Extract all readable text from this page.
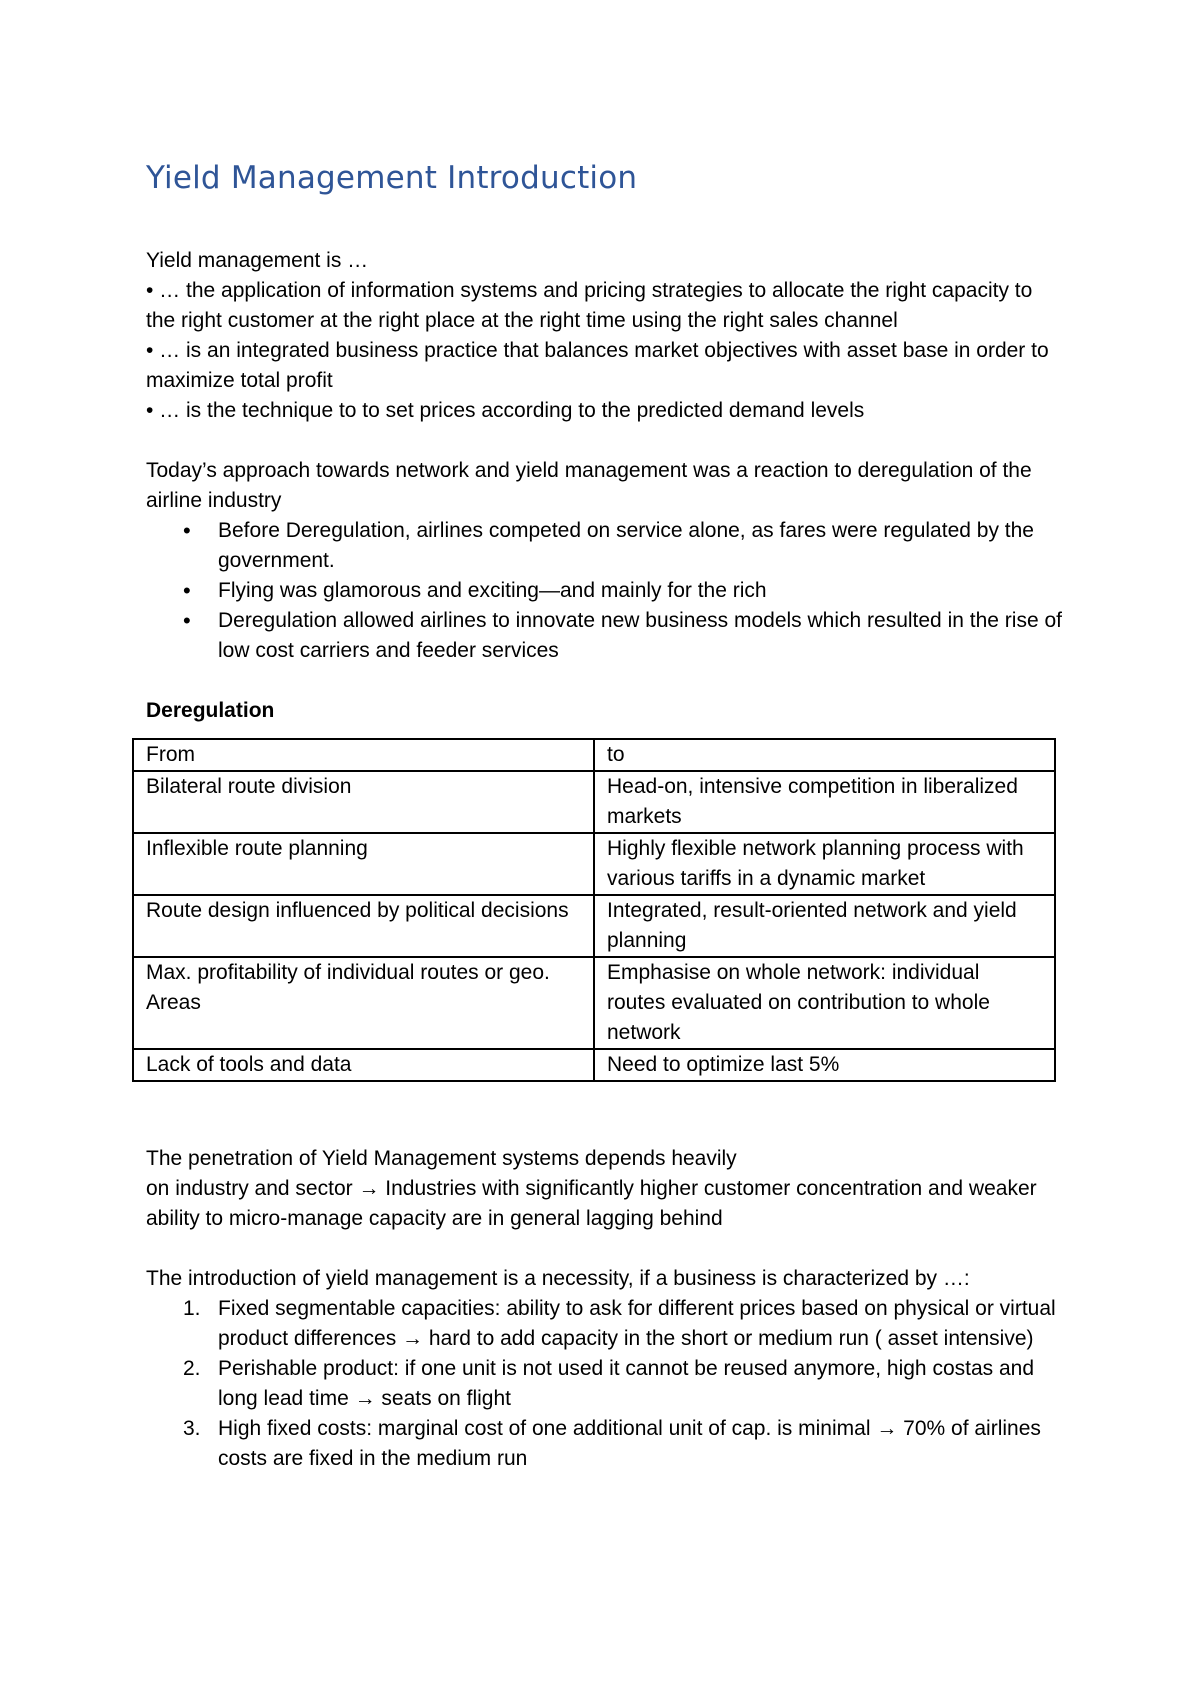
Yield Management Introduction

Yield management is …

• … the application of information systems and pricing strategies to allocate the right capacity to the right customer at the right place at the right time using the right sales channel

• … is an integrated business practice that balances market objectives with asset base in order to maximize total profit

• … is the technique to to set prices according to the predicted demand levels

Today’s approach towards network and yield management was a reaction to deregulation of the airline industry

• Before Deregulation, airlines competed on service alone, as fares were regulated by the government.
• Flying was glamorous and exciting—and mainly for the rich
• Deregulation allowed airlines to innovate new business models which resulted in the rise of low cost carriers and feeder services

Deregulation

From	to
Bilateral route division	Head-on, intensive competition in liberalized markets
Inflexible route planning	Highly flexible network planning process with various tariffs in a dynamic market
Route design influenced by political decisions	Integrated, result-oriented network and yield planning
Max. profitability of individual routes or geo. Areas	Emphasise on whole network: individual routes evaluated on contribution to whole network
Lack of tools and data	Need to optimize last 5%

The penetration of Yield Management systems depends heavily

on industry and sector → Industries with significantly higher customer concentration and weaker ability to micro-manage capacity are in general lagging behind

The introduction of yield management is a necessity, if a business is characterized by …:

1. Fixed segmentable capacities: ability to ask for different prices based on physical or virtual product differences → hard to add capacity in the short or medium run ( asset intensive)
2. Perishable product: if one unit is not used it cannot be reused anymore, high costas and long lead time → seats on flight
3. High fixed costs: marginal cost of one additional unit of cap. is minimal → 70% of airlines costs are fixed in the medium run
